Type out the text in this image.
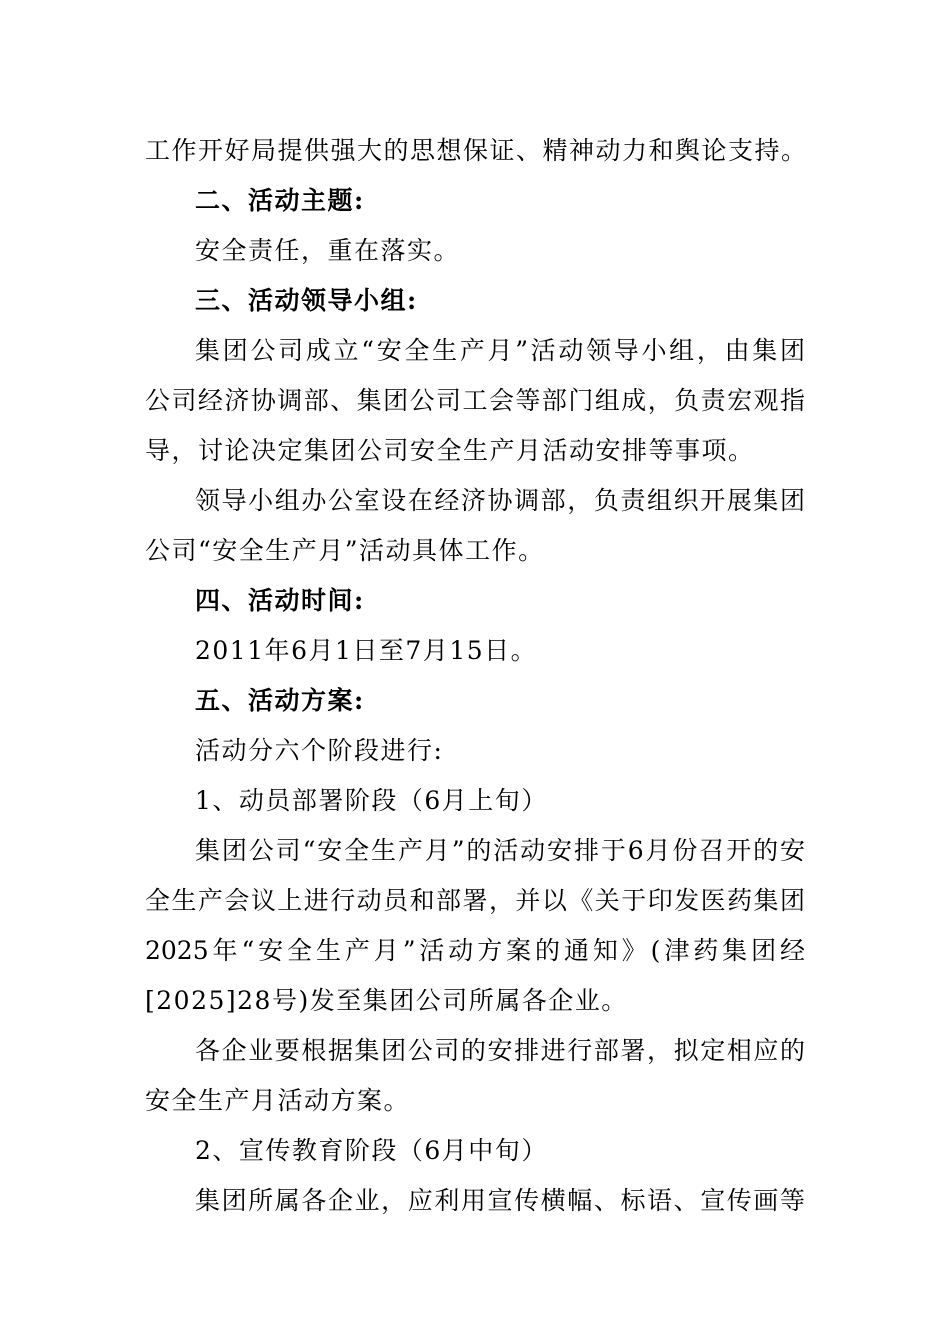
工作开好局提供强大的思想保证、精神动力和舆论支持。
二、活动主题:
安全责任，重在落实。
三、活动领导小组:
集团公司成立“安全生产月”活动领导小组，由集团
公司经济协调部、集团公司工会等部门组成，负责宏观指
导，讨论决定集团公司安全生产月活动安排等事项。
领导小组办公室设在经济协调部，负责组织开展集团
公司“安全生产月”活动具体工作。
四、活动时间:
2011年6月1日至7月15日。
五、活动方案:
活动分六个阶段进行:
1、动员部署阶段（6月上旬）
集团公司“安全生产月”的活动安排于6月份召开的安
全生产会议上进行动员和部署，并以《关于印发医药集团
2025年“安全生产月”活动方案的通知》(津药集团经
[2025]28号)发至集团公司所属各企业。
各企业要根据集团公司的安排进行部署，拟定相应的
安全生产月活动方案。
2、宣传教育阶段（6月中旬）
集团所属各企业，应利用宣传横幅、标语、宣传画等
